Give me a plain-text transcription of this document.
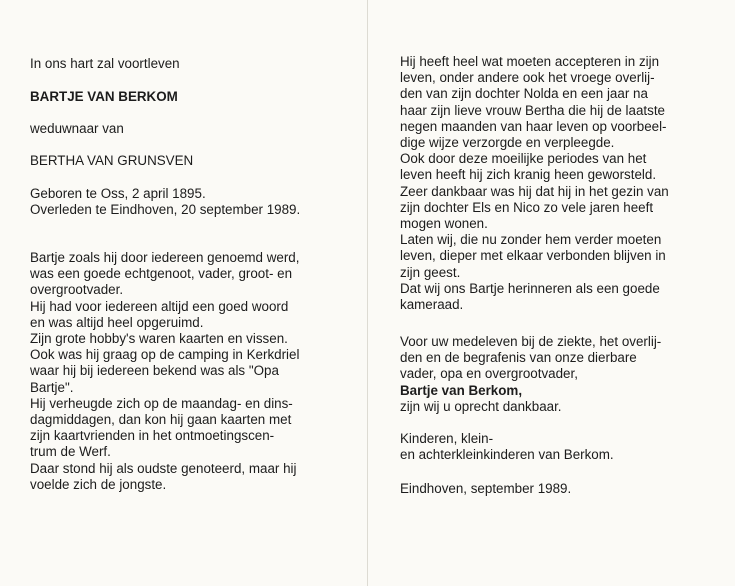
In ons hart zal voortleven
BARTJE VAN BERKOM
weduwnaar van
BERTHA VAN GRUNSVEN
Geboren te Oss, 2 april 1895.
Overleden te Eindhoven, 20 september 1989.
Bartje zoals hij door iedereen genoemd werd,
was een goede echtgenoot, vader, groot- en
overgrootvader.
Hij had voor iedereen altijd een goed woord
en was altijd heel opgeruimd.
Zijn grote hobby's waren kaarten en vissen.
Ook was hij graag op de camping in Kerkdriel
waar hij bij iedereen bekend was als "Opa
Bartje".
Hij verheugde zich op de maandag- en dins-
dagmiddagen, dan kon hij gaan kaarten met
zijn kaartvrienden in het ontmoetingscen-
trum de Werf.
Daar stond hij als oudste genoteerd, maar hij
voelde zich de jongste.
Hij heeft heel wat moeten accepteren in zijn
leven, onder andere ook het vroege overlij-
den van zijn dochter Nolda en een jaar na
haar zijn lieve vrouw Bertha die hij de laatste
negen maanden van haar leven op voorbeel-
dige wijze verzorgde en verpleegde.
Ook door deze moeilijke periodes van het
leven heeft hij zich kranig heen geworsteld.
Zeer dankbaar was hij dat hij in het gezin van
zijn dochter Els en Nico zo vele jaren heeft
mogen wonen.
Laten wij, die nu zonder hem verder moeten
leven, dieper met elkaar verbonden blijven in
zijn geest.
Dat wij ons Bartje herinneren als een goede
kameraad.
Voor uw medeleven bij de ziekte, het overlij-
den en de begrafenis van onze dierbare
vader, opa en overgrootvader,
Bartje van Berkom,
zijn wij u oprecht dankbaar.
Kinderen, klein-
en achterkleinkinderen van Berkom.
Eindhoven, september 1989.
